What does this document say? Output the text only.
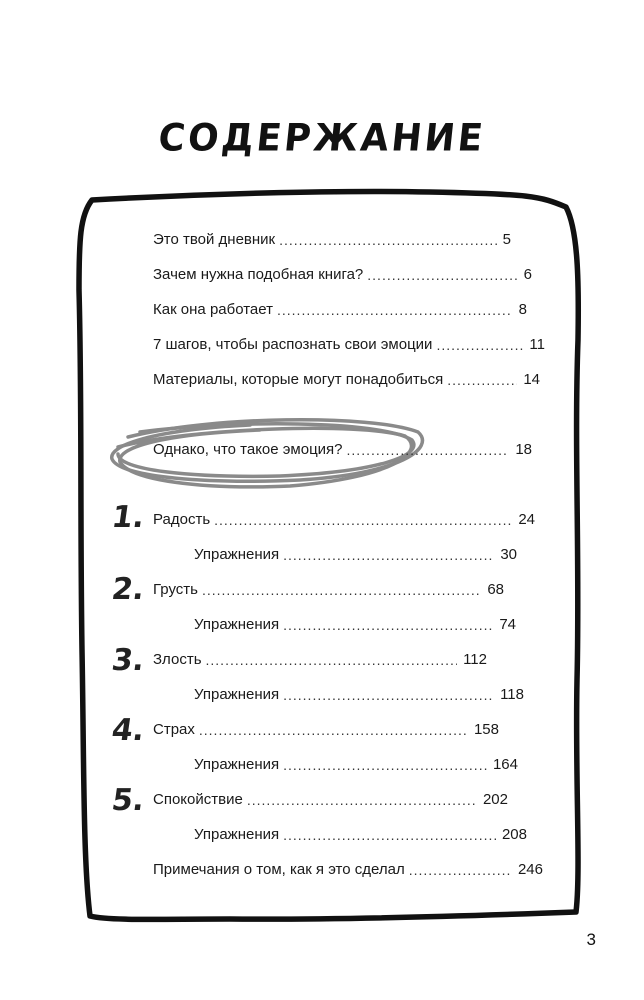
СОДЕРЖАНИЕ
Это твой дневник .....	5
Зачем нужна подобная книга? .....	6
Как она работает .....	8
7 шагов, чтобы распознать свои эмоции .....	11
Материалы, которые могут понадобиться .....	14
Однако, что такое эмоция? .....	18
1. Радость .....	24
Упражнения .....	30
2. Грусть .....	68
Упражнения .....	74
3. Злость .....	112
Упражнения .....	118
4. Страх .....	158
Упражнения .....	164
5. Спокойствие .....	202
Упражнения .....	208
Примечания о том, как я это сделал .....	246
3
